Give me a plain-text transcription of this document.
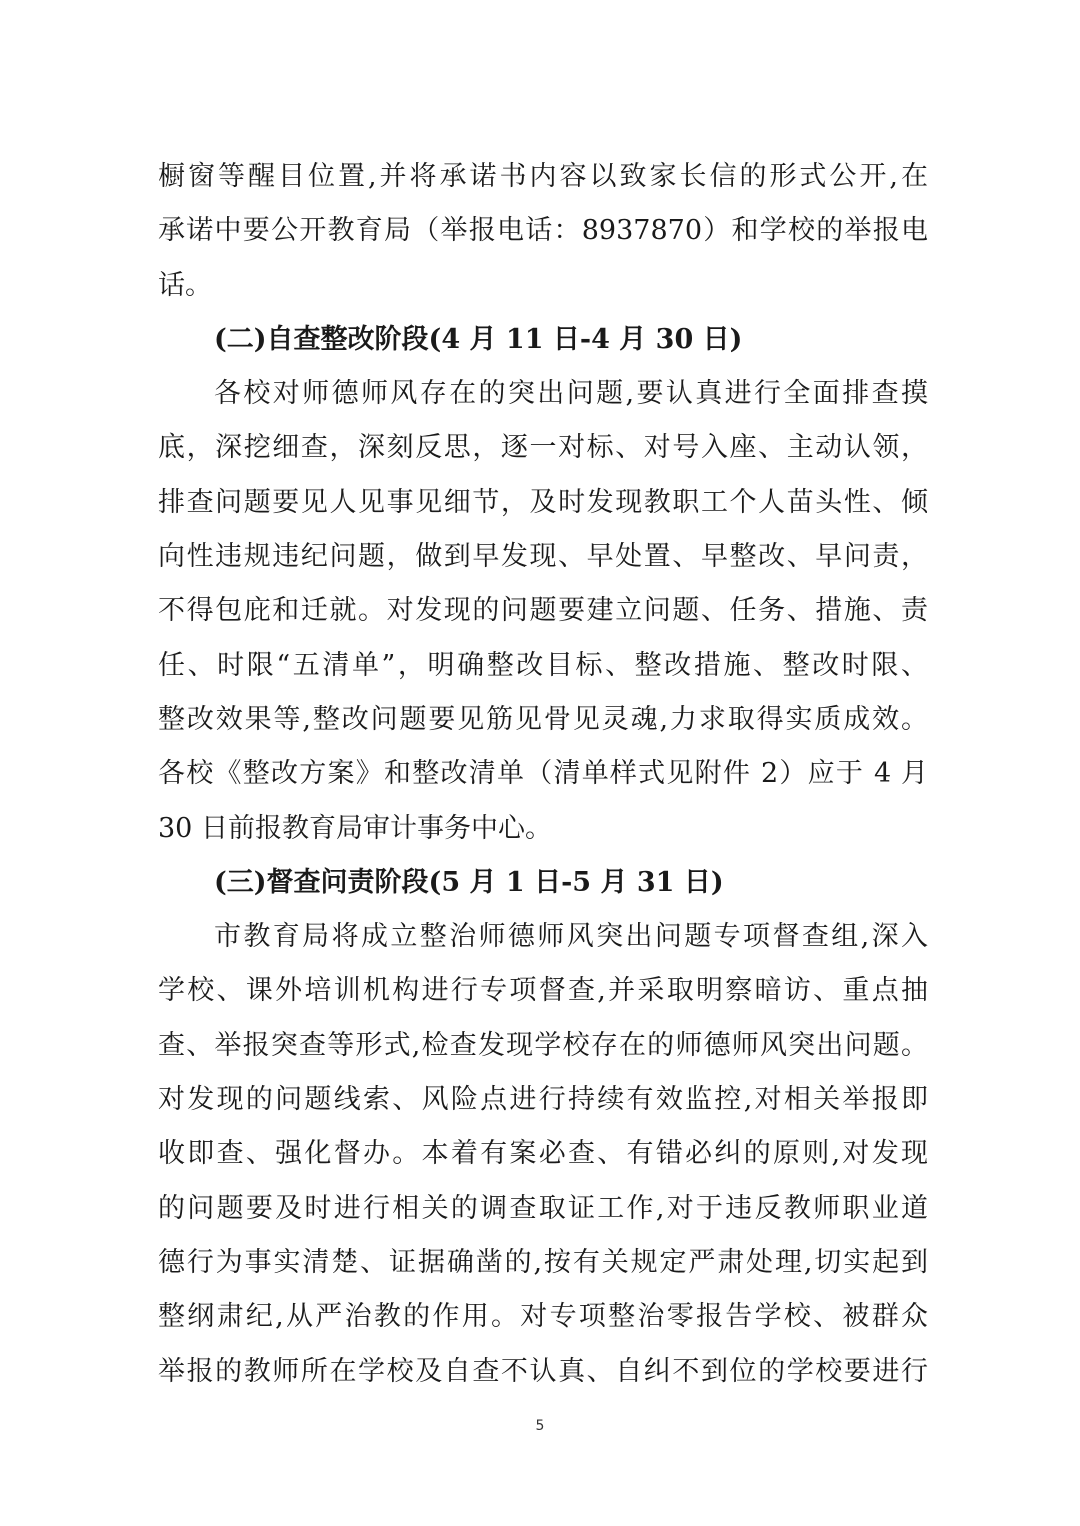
橱窗等醒目位置,并将承诺书内容以致家长信的形式公开,在
承诺中要公开教育局（举报电话：8937870）和学校的举报电
话。
(二)自查整改阶段(4 月 11 日-4 月 30 日)
各校对师德师风存在的突出问题,要认真进行全面排查摸
底，深挖细查，深刻反思，逐一对标、对号入座、主动认领，
排查问题要见人见事见细节，及时发现教职工个人苗头性、倾
向性违规违纪问题，做到早发现、早处置、早整改、早问责，
不得包庇和迁就。对发现的问题要建立问题、任务、措施、责
任、时限“五清单”，明确整改目标、整改措施、整改时限、
整改效果等,整改问题要见筋见骨见灵魂,力求取得实质成效。
各校《整改方案》和整改清单（清单样式见附件 2）应于 4 月
30 日前报教育局审计事务中心。
(三)督查问责阶段(5 月 1 日-5 月 31 日)
市教育局将成立整治师德师风突出问题专项督查组,深入
学校、课外培训机构进行专项督查,并采取明察暗访、重点抽
查、举报突查等形式,检查发现学校存在的师德师风突出问题。
对发现的问题线索、风险点进行持续有效监控,对相关举报即
收即查、强化督办。本着有案必查、有错必纠的原则,对发现
的问题要及时进行相关的调查取证工作,对于违反教师职业道
德行为事实清楚、证据确凿的,按有关规定严肃处理,切实起到
整纲肃纪,从严治教的作用。对专项整治零报告学校、被群众
举报的教师所在学校及自查不认真、自纠不到位的学校要进行
5
